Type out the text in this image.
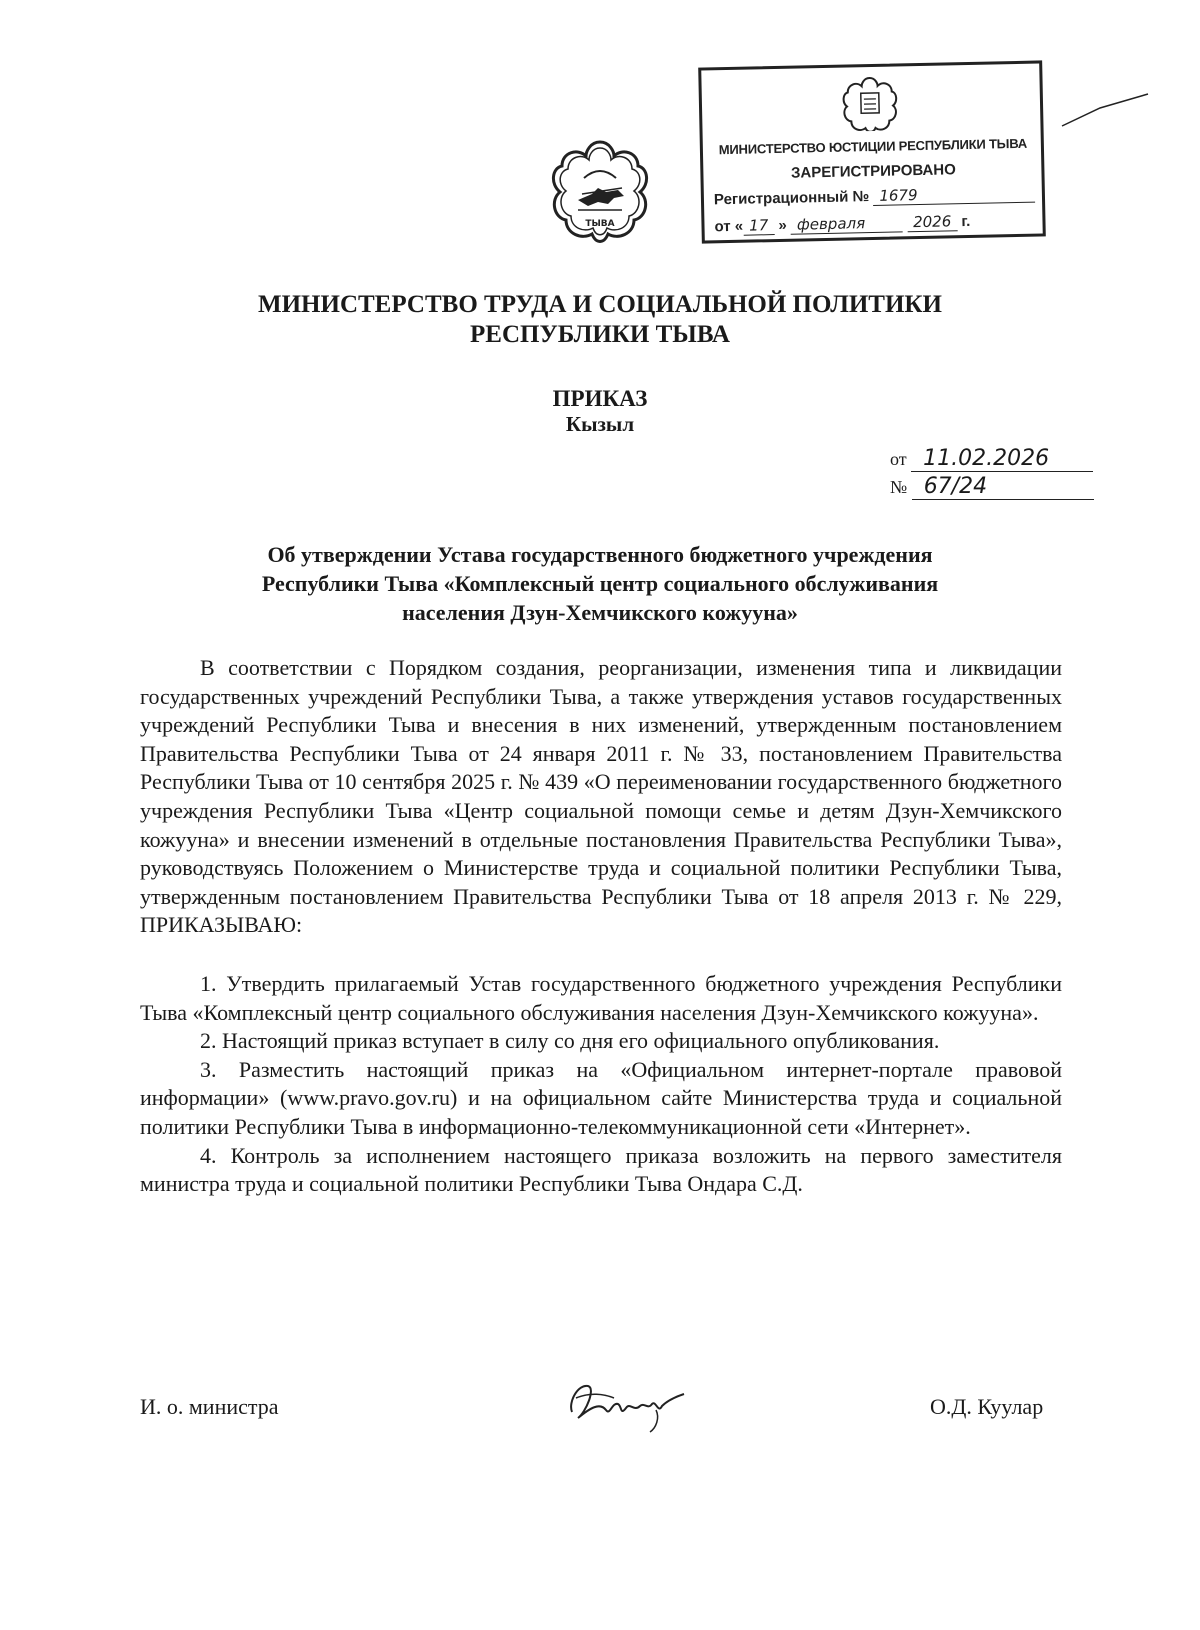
ТЫВА
МИНИСТЕРСТВО ЮСТИЦИИ РЕСПУБЛИКИ ТЫВА
ЗАРЕГИСТРИРОВАНО
Регистрационный № 1679
от « 17 » февраля	2026 г.
МИНИСТЕРСТВО ТРУДА И СОЦИАЛЬНОЙ ПОЛИТИКИ
РЕСПУБЛИКИ ТЫВА
ПРИКАЗ
Кызыл
от 11.02.2026
№ 67/24
Об утверждении Устава государственного бюджетного учреждения
Республики Тыва «Комплексный центр социального обслуживания
населения Дзун-Хемчикского кожууна»

В соответствии с Порядком создания, реорганизации, изменения типа и ликвидации государственных учреждений Республики Тыва, а также утверждения уставов государственных учреждений Республики Тыва и внесения в них изменений, утвержденным постановлением Правительства Республики Тыва от 24 января 2011 г. № 33, постановлением Правительства Республики Тыва от 10 сентября 2025 г. № 439 «О переименовании государственного бюджетного учреждения Республики Тыва «Центр социальной помощи семье и детям Дзун-Хемчикского кожууна» и внесении изменений в отдельные постановления Правительства Республики Тыва», руководствуясь Положением о Министерстве труда и социальной политики Республики Тыва, утвержденным постановлением Правительства Республики Тыва от 18 апреля 2013 г. № 229, ПРИКАЗЫВАЮ:

1. Утвердить прилагаемый Устав государственного бюджетного учреждения Республики Тыва «Комплексный центр социального обслуживания населения Дзун-Хемчикского кожууна».

2. Настоящий приказ вступает в силу со дня его официального опубликования.

3. Разместить настоящий приказ на «Официальном интернет-портале правовой информации» (www.pravo.gov.ru) и на официальном сайте Министерства труда и социальной политики Республики Тыва в информационно-телекоммуникационной сети «Интернет».

4. Контроль за исполнением настоящего приказа возложить на первого заместителя министра труда и социальной политики Республики Тыва Ондара С.Д.

И. о. министра	О.Д. Куулар
